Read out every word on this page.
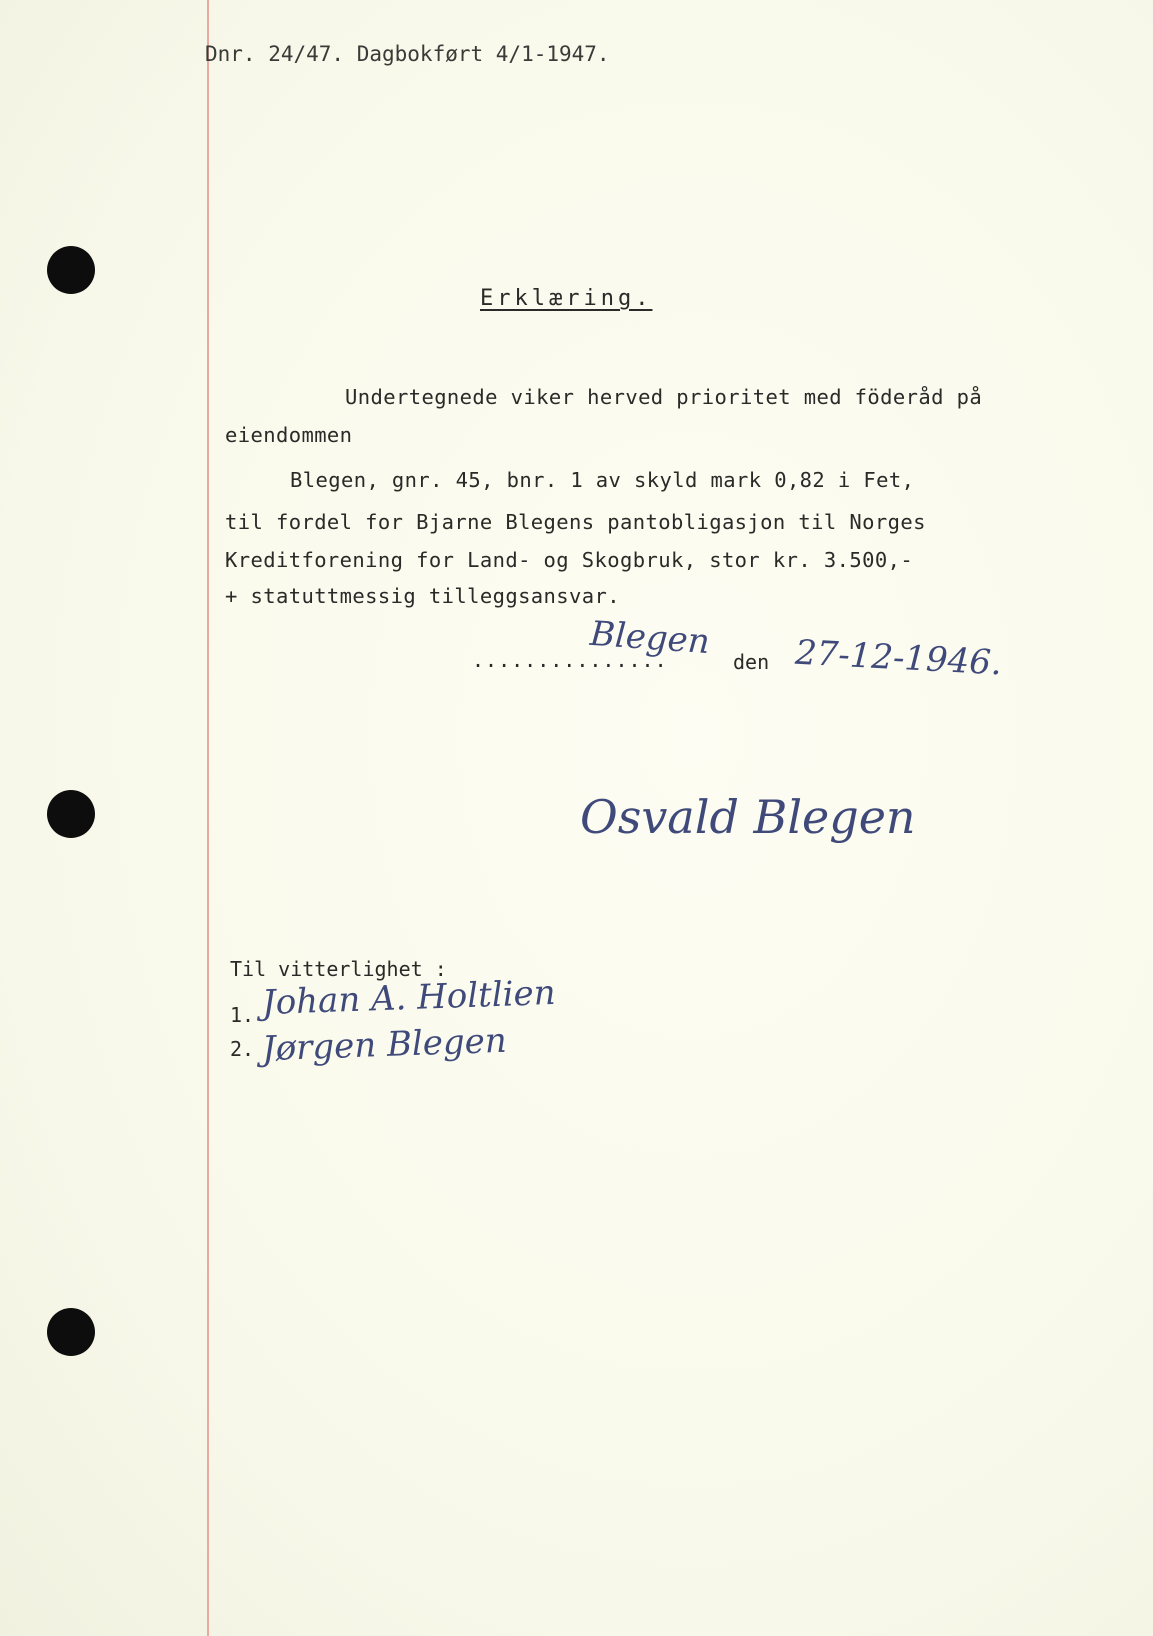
Dnr. 24/47. Dagbokført 4/1-1947.
Erklæring.
Undertegnede viker herved prioritet med föderåd på
eiendommen
Blegen, gnr. 45, bnr. 1 av skyld mark 0,82 i Fet,
til fordel for Bjarne Blegens pantobligasjon til Norges
Kreditforening for Land- og Skogbruk, stor kr. 3.500,-
+ statuttmessig tilleggsansvar.
...............
Blegen den 27-12-1946.
Osvald Blegen
Til vitterlighet :
1. Johan A. Holtlien
2. Jørgen Blegen
